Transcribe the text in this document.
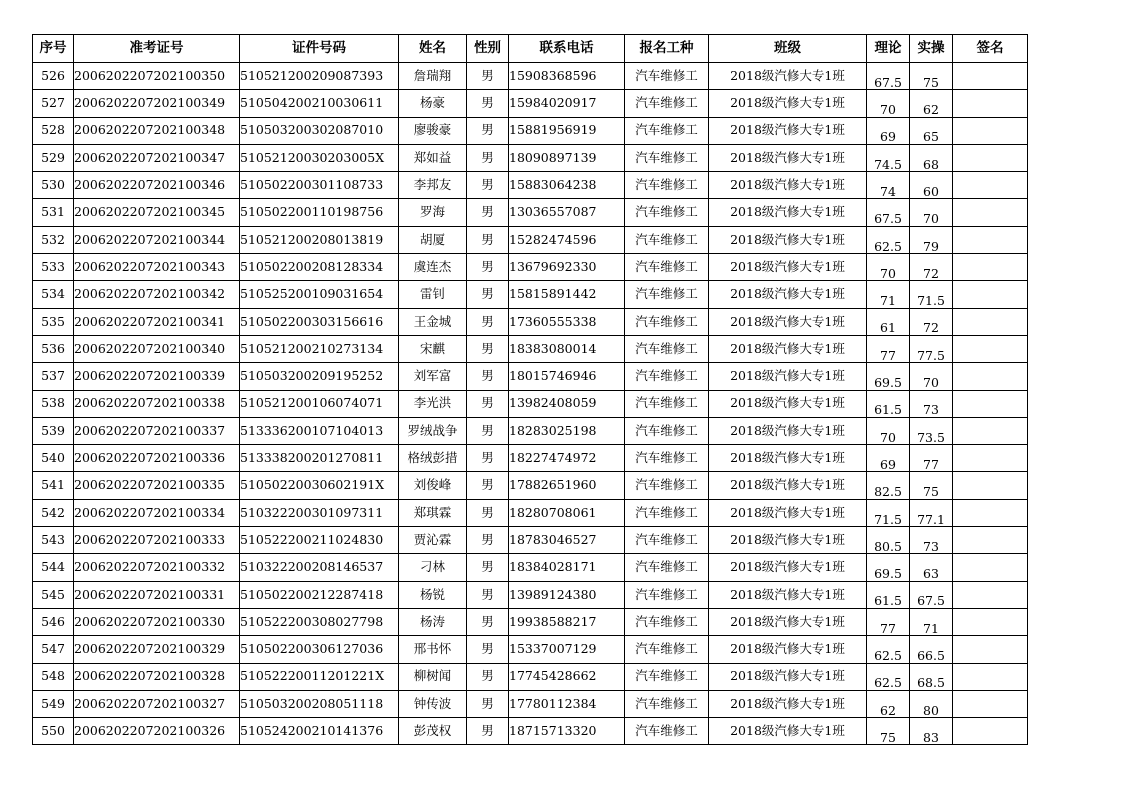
序号	准考证号	证件号码	姓名	性别	联系电话	报名工种	班级	理论	实操	签名
526	2006202207202100350	510521200209087393	詹瑞翔	男	15908368596	汽车维修工	2018级汽修大专1班	67.5	75	
527	2006202207202100349	510504200210030611	杨豪	男	15984020917	汽车维修工	2018级汽修大专1班	70	62	
528	2006202207202100348	510503200302087010	廖骏豪	男	15881956919	汽车维修工	2018级汽修大专1班	69	65	
529	2006202207202100347	51052120030203005X	郑如益	男	18090897139	汽车维修工	2018级汽修大专1班	74.5	68	
530	2006202207202100346	510502200301108733	李邦友	男	15883064238	汽车维修工	2018级汽修大专1班	74	60	
531	2006202207202100345	510502200110198756	罗海	男	13036557087	汽车维修工	2018级汽修大专1班	67.5	70	
532	2006202207202100344	510521200208013819	胡厦	男	15282474596	汽车维修工	2018级汽修大专1班	62.5	79	
533	2006202207202100343	510502200208128334	虞连杰	男	13679692330	汽车维修工	2018级汽修大专1班	70	72	
534	2006202207202100342	510525200109031654	雷钊	男	15815891442	汽车维修工	2018级汽修大专1班	71	71.5	
535	2006202207202100341	510502200303156616	王金城	男	17360555338	汽车维修工	2018级汽修大专1班	61	72	
536	2006202207202100340	510521200210273134	宋麒	男	18383080014	汽车维修工	2018级汽修大专1班	77	77.5	
537	2006202207202100339	510503200209195252	刘军富	男	18015746946	汽车维修工	2018级汽修大专1班	69.5	70	
538	2006202207202100338	510521200106074071	李光洪	男	13982408059	汽车维修工	2018级汽修大专1班	61.5	73	
539	2006202207202100337	513336200107104013	罗绒战争	男	18283025198	汽车维修工	2018级汽修大专1班	70	73.5	
540	2006202207202100336	513338200201270811	格绒彭措	男	18227474972	汽车维修工	2018级汽修大专1班	69	77	
541	2006202207202100335	51050220030602191X	刘俊峰	男	17882651960	汽车维修工	2018级汽修大专1班	82.5	75	
542	2006202207202100334	510322200301097311	郑琪霖	男	18280708061	汽车维修工	2018级汽修大专1班	71.5	77.1	
543	2006202207202100333	510522200211024830	贾沁霖	男	18783046527	汽车维修工	2018级汽修大专1班	80.5	73	
544	2006202207202100332	510322200208146537	刁林	男	18384028171	汽车维修工	2018级汽修大专1班	69.5	63	
545	2006202207202100331	510502200212287418	杨锐	男	13989124380	汽车维修工	2018级汽修大专1班	61.5	67.5	
546	2006202207202100330	510522200308027798	杨涛	男	19938588217	汽车维修工	2018级汽修大专1班	77	71	
547	2006202207202100329	510502200306127036	邢书怀	男	15337007129	汽车维修工	2018级汽修大专1班	62.5	66.5	
548	2006202207202100328	51052220011201221X	柳树闻	男	17745428662	汽车维修工	2018级汽修大专1班	62.5	68.5	
549	2006202207202100327	510503200208051118	钟传波	男	17780112384	汽车维修工	2018级汽修大专1班	62	80	
550	2006202207202100326	510524200210141376	彭茂权	男	18715713320	汽车维修工	2018级汽修大专1班	75	83	
